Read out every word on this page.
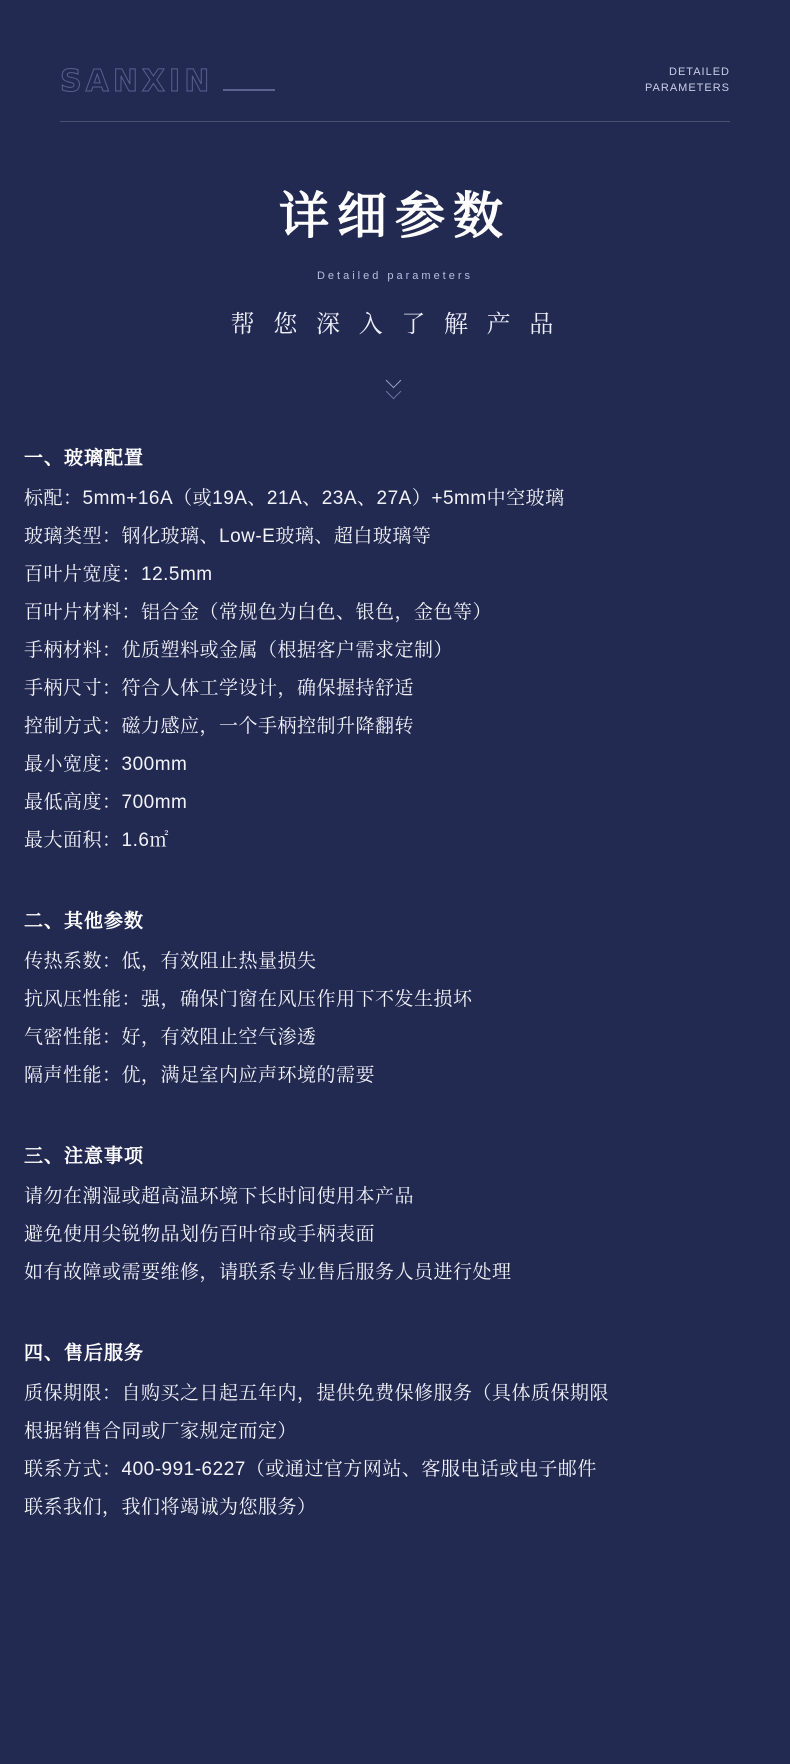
SANXIN	DETAILED
PARAMETERS
详细参数
Detailed parameters
帮 您 深 入 了 解 产 品
一、玻璃配置
标配：5mm+16A（或19A、21A、23A、27A）+5mm中空玻璃
玻璃类型：钢化玻璃、Low-E玻璃、超白玻璃等
百叶片宽度：12.5mm
百叶片材料：铝合金（常规色为白色、银色，金色等）
手柄材料：优质塑料或金属（根据客户需求定制）
手柄尺寸：符合人体工学设计，确保握持舒适
控制方式：磁力感应，一个手柄控制升降翻转
最小宽度：300mm
最低高度：700mm
最大面积：1.6㎡
二、其他参数
传热系数：低，有效阻止热量损失
抗风压性能：强，确保门窗在风压作用下不发生损坏
气密性能：好，有效阻止空气渗透
隔声性能：优，满足室内应声环境的需要
三、注意事项
请勿在潮湿或超高温环境下长时间使用本产品
避免使用尖锐物品划伤百叶帘或手柄表面
如有故障或需要维修，请联系专业售后服务人员进行处理
四、售后服务
质保期限：自购买之日起五年内，提供免费保修服务（具体质保期限
根据销售合同或厂家规定而定）
联系方式：400-991-6227（或通过官方网站、客服电话或电子邮件
联系我们，我们将竭诚为您服务）
